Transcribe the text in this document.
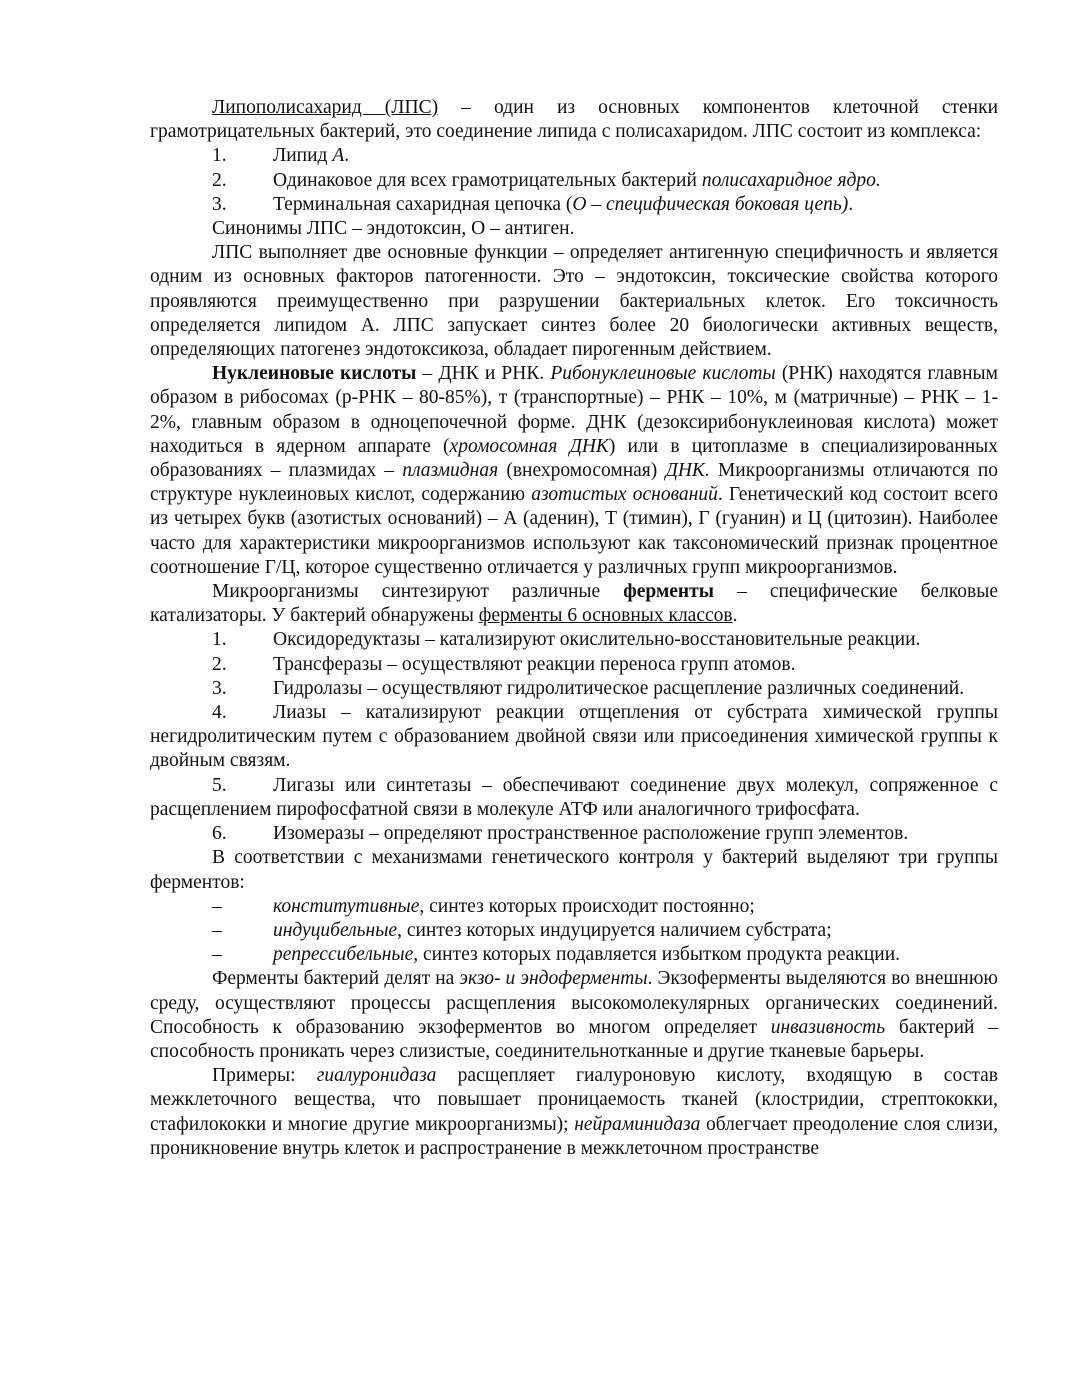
Липополисахарид (ЛПС) – один из основных компонентов клеточной стенки грамотрицательных бактерий, это соединение липида с полисахаридом. ЛПС состоит из комплекса:

1. Липид А.

2. Одинаковое для всех грамотрицательных бактерий полисахаридное ядро.

3. Терминальная сахаридная цепочка (О – специфическая боковая цепь).

Синонимы ЛПС – эндотоксин, О – антиген.

ЛПС выполняет две основные функции – определяет антигенную специфичность и является одним из основных факторов патогенности. Это – эндотоксин, токсические свойства которого проявляются преимущественно при разрушении бактериальных клеток. Его токсичность определяется липидом А. ЛПС запускает синтез более 20 биологически активных веществ, определяющих патогенез эндотоксикоза, обладает пирогенным действием.

Нуклеиновые кислоты – ДНК и РНК. Рибонуклеиновые кислоты (РНК) находятся главным образом в рибосомах (р-РНК – 80-85%), т (транспортные) – РНК – 10%, м (матричные) – РНК – 1-2%, главным образом в одноцепочечной форме. ДНК (дезоксирибонуклеиновая кислота) может находиться в ядерном аппарате (хромосомная ДНК) или в цитоплазме в специализированных образованиях – плазмидах – плазмидная (внехромосомная) ДНК. Микроорганизмы отличаются по структуре нуклеиновых кислот, содержанию азотистых оснований. Генетический код состоит всего из четырех букв (азотистых оснований) – А (аденин), Т (тимин), Г (гуанин) и Ц (цитозин). Наиболее часто для характеристики микроорганизмов используют как таксономический признак процентное соотношение Г/Ц, которое существенно отличается у различных групп микроорганизмов.

Микроорганизмы синтезируют различные ферменты – специфические белковые катализаторы. У бактерий обнаружены ферменты 6 основных классов.

1. Оксидоредуктазы – катализируют окислительно-восстановительные реакции.

2. Трансферазы – осуществляют реакции переноса групп атомов.

3. Гидролазы – осуществляют гидролитическое расщепление различных соединений.

4. Лиазы – катализируют реакции отщепления от субстрата химической группы негидролитическим путем с образованием двойной связи или присоединения химической группы к двойным связям.

5. Лигазы или синтетазы – обеспечивают соединение двух молекул, сопряженное с расщеплением пирофосфатной связи в молекуле АТФ или аналогичного трифосфата.

6. Изомеразы – определяют пространственное расположение групп элементов.

В соответствии с механизмами генетического контроля у бактерий выделяют три группы ферментов:

–	конститутивные, синтез которых происходит постоянно;

–	индуцибельные, синтез которых индуцируется наличием субстрата;

–	репрессибельные, синтез которых подавляется избытком продукта реакции.

Ферменты бактерий делят на экзо- и эндоферменты. Экзоферменты выделяются во внешнюю среду, осуществляют процессы расщепления высокомолекулярных органических соединений. Способность к образованию экзоферментов во многом определяет инвазивность бактерий – способность проникать через слизистые, соединительнотканные и другие тканевые барьеры.

Примеры: гиалуронидаза расщепляет гиалуроновую кислоту, входящую в состав межклеточного вещества, что повышает проницаемость тканей (клостридии, стрептококки, стафилококки и многие другие микроорганизмы); нейраминидаза облегчает преодоление слоя слизи, проникновение внутрь клеток и распространение в межклеточном пространстве
